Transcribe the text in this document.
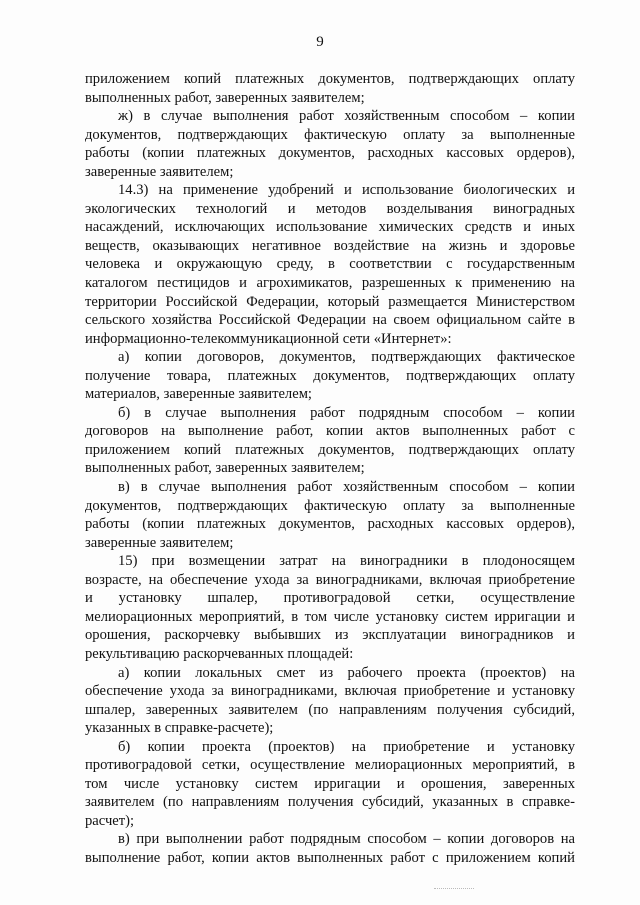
9

приложением копий платежных документов, подтверждающих оплату
выполненных работ, заверенных заявителем;

ж) в случае выполнения работ хозяйственным способом – копии
документов, подтверждающих фактическую оплату за выполненные
работы (копии платежных документов, расходных кассовых ордеров),
заверенные заявителем;

14.3) на применение удобрений и использование биологических и
экологических технологий и методов возделывания виноградных
насаждений, исключающих использование химических средств и иных
веществ, оказывающих негативное воздействие на жизнь и здоровье
человека и окружающую среду, в соответствии с государственным
каталогом пестицидов и агрохимикатов, разрешенных к применению на
территории Российской Федерации, который размещается Министерством
сельского хозяйства Российской Федерации на своем официальном сайте в
информационно-телекоммуникационной сети «Интернет»:

а) копии договоров, документов, подтверждающих фактическое
получение товара, платежных документов, подтверждающих оплату
материалов, заверенные заявителем;

б) в случае выполнения работ подрядным способом – копии
договоров на выполнение работ, копии актов выполненных работ с
приложением копий платежных документов, подтверждающих оплату
выполненных работ, заверенных заявителем;

в) в случае выполнения работ хозяйственным способом – копии
документов, подтверждающих фактическую оплату за выполненные
работы (копии платежных документов, расходных кассовых ордеров),
заверенные заявителем;

15) при возмещении затрат на виноградники в плодоносящем
возрасте, на обеспечение ухода за виноградниками, включая приобретение
и установку шпалер, противоградовой сетки, осуществление
мелиорационных мероприятий, в том числе установку систем ирригации и
орошения, раскорчевку выбывших из эксплуатации виноградников и
рекультивацию раскорчеванных площадей:

а) копии локальных смет из рабочего проекта (проектов) на
обеспечение ухода за виноградниками, включая приобретение и установку
шпалер, заверенных заявителем (по направлениям получения субсидий,
указанных в справке-расчете);

б) копии проекта (проектов) на приобретение и установку
противоградовой сетки, осуществление мелиорационных мероприятий, в
том числе установку систем ирригации и орошения, заверенных
заявителем (по направлениям получения субсидий, указанных в справке-
расчет);

в) при выполнении работ подрядным способом – копии договоров на
выполнение работ, копии актов выполненных работ с приложением копий
